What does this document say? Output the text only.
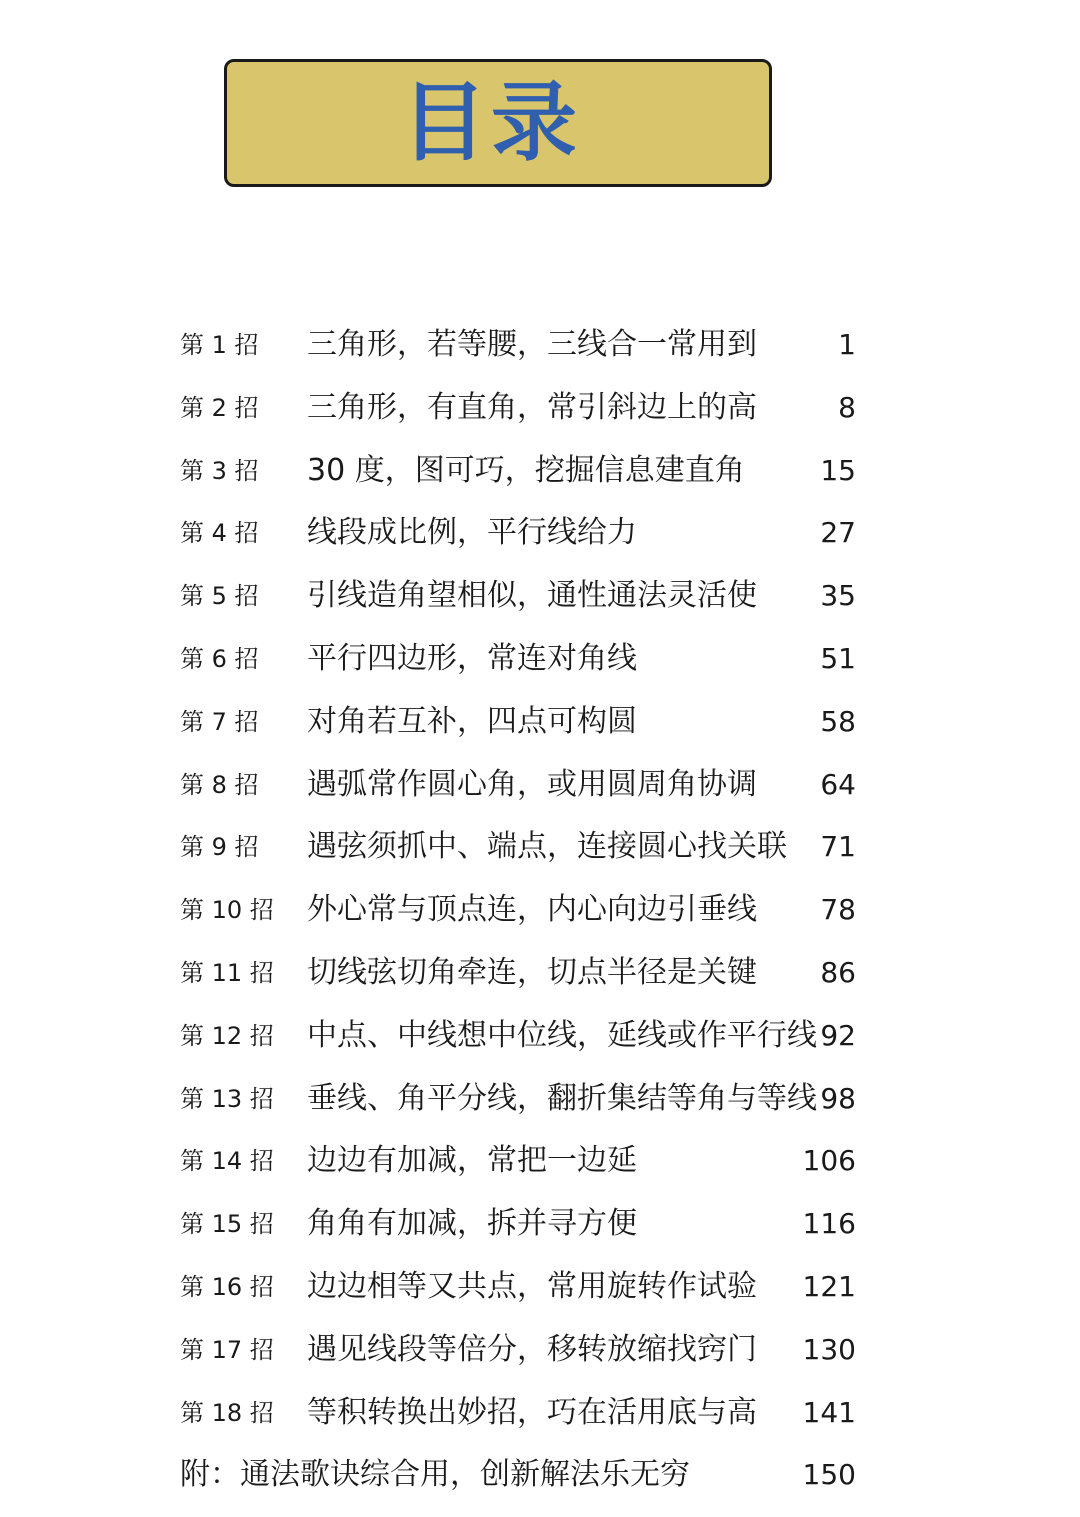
目录
第 1 招 三角形，若等腰，三线合一常用到	1
第 2 招 三角形，有直角，常引斜边上的高	8
第 3 招 30 度，图可巧，挖掘信息建直角	15
第 4 招 线段成比例，平行线给力	27
第 5 招 引线造角望相似，通性通法灵活使 35
第 6 招 平行四边形，常连对角线	51
第 7 招 对角若互补，四点可构圆	58
第 8 招 遇弧常作圆心角，或用圆周角协调 64
第 9 招 遇弦须抓中、端点，连接圆心找关联 71
第 10 招 外心常与顶点连，内心向边引垂线 78
第 11 招 切线弦切角牵连，切点半径是关键 86
第 12 招 中点、中线想中位线，延线或作平行线 92
第 13 招 垂线、角平分线，翻折集结等角与等线 98
第 14 招 边边有加减，常把一边延	106
第 15 招 角角有加减，拆并寻方便	116
第 16 招 边边相等又共点，常用旋转作试验 121
第 17 招 遇见线段等倍分，移转放缩找窍门 130
第 18 招 等积转换出妙招，巧在活用底与高 141
附：通法歌诀综合用，创新解法乐无穷	150
